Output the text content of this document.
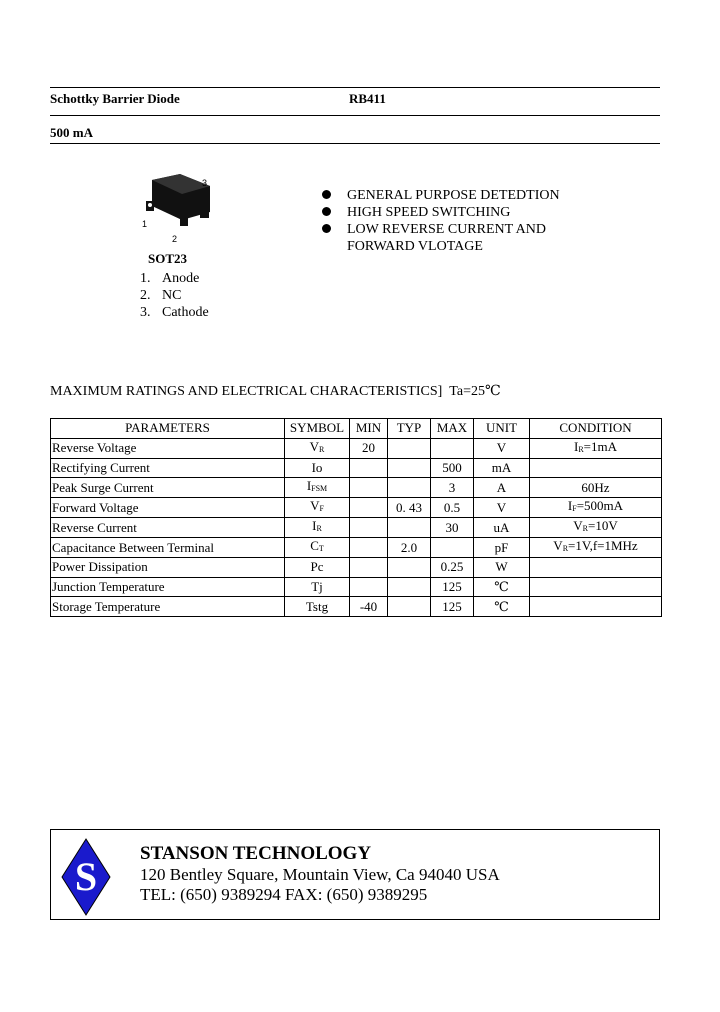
Schottky Barrier Diode	RB411
500 mA
3
1
2
SOT23
1. Anode
2. NC
3. Cathode
GENERAL PURPOSE DETEDTION
HIGH SPEED SWITCHING
LOW REVERSE CURRENT AND
FORWARD VLOTAGE
MAXIMUM RATINGS AND ELECTRICAL CHARACTERISTICS]  Ta=25℃
PARAMETERS	SYMBOL	MIN	TYP	MAX	UNIT	CONDITION
Reverse Voltage	$V_R$	20			V	$I_R=1mA$
Rectifying Current	Io			500	mA	
Peak Surge Current	$I_{FSM}$			3	A	60Hz
Forward Voltage	$V_F$		0. 43	0.5	V	$I_F=500mA$
Reverse Current	$I_R$			30	uA	$V_R=10V$
Capacitance Between Terminal	$C_T$		2.0		pF	$V_R=1V,f=1MHz$
Power Dissipation	Pc			0.25	W	
Junction Temperature	Tj			125	℃	
Storage Temperature	Tstg	-40		125	℃	
S
STANSON TECHNOLOGY
120 Bentley Square, Mountain View, Ca 94040 USA
TEL: (650) 9389294 FAX: (650) 9389295
